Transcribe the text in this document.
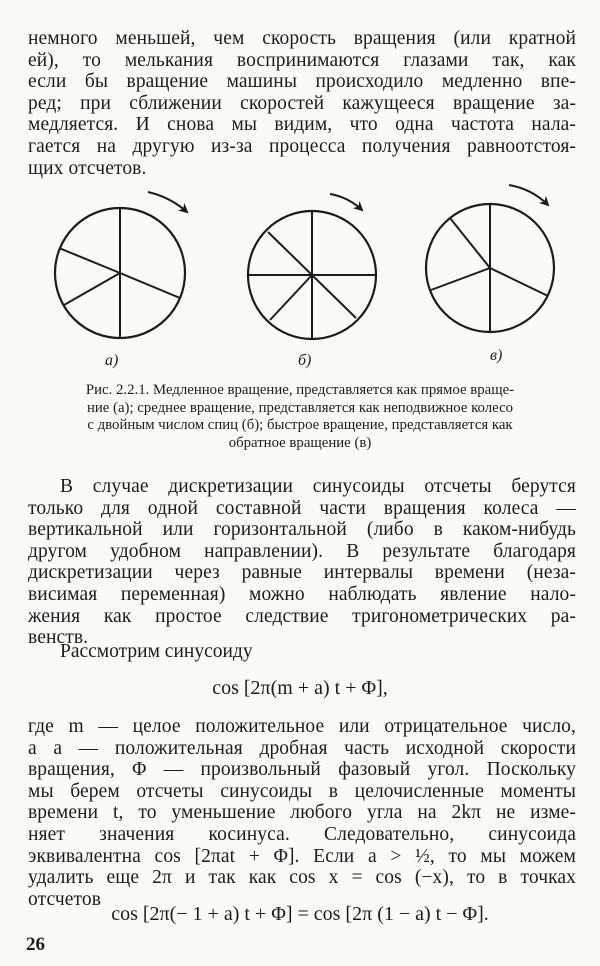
немного меньшей, чем скорость вращения (или кратной
ей), то мелькания воспринимаются глазами так, как
если бы вращение машины происходило медленно впе-
ред; при сближении скоростей кажущееся вращение за-
медляется. И снова мы видим, что одна частота нала-
гается на другую из-за процесса получения равноотстоя-
щих отсчетов.
а)	б)	в)
Рис. 2.2.1. Медленное вращение, представляется как прямое враще-
ние (а); среднее вращение, представляется как неподвижное колесо
с двойным числом спиц (б); быстрое вращение, представляется как
обратное вращение (в)
В случае дискретизации синусоиды отсчеты берутся
только для одной составной части вращения колеса —
вертикальной или горизонтальной (либо в каком-нибудь
другом удобном направлении). В результате благодаря
дискретизации через равные интервалы времени (неза-
висимая переменная) можно наблюдать явление нало-
жения как простое следствие тригонометрических ра-
венств.
Рассмотрим синусоиду
cos [2π(m + a) t + Φ],
где m — целое положительное или отрицательное число,
а a — положительная дробная часть исходной скорости
вращения, Φ — произвольный фазовый угол. Поскольку
мы берем отсчеты синусоиды в целочисленные моменты
времени t, то уменьшение любого угла на 2kπ не изме-
няет значения косинуса. Следовательно, синусоида
эквивалентна cos [2πat + Φ]. Если a > ½, то мы можем
удалить еще 2π и так как cos x = cos (−x), то в точках
отсчетов
cos [2π(− 1 + a) t + Φ] = cos [2π (1 − a) t − Φ].
26
